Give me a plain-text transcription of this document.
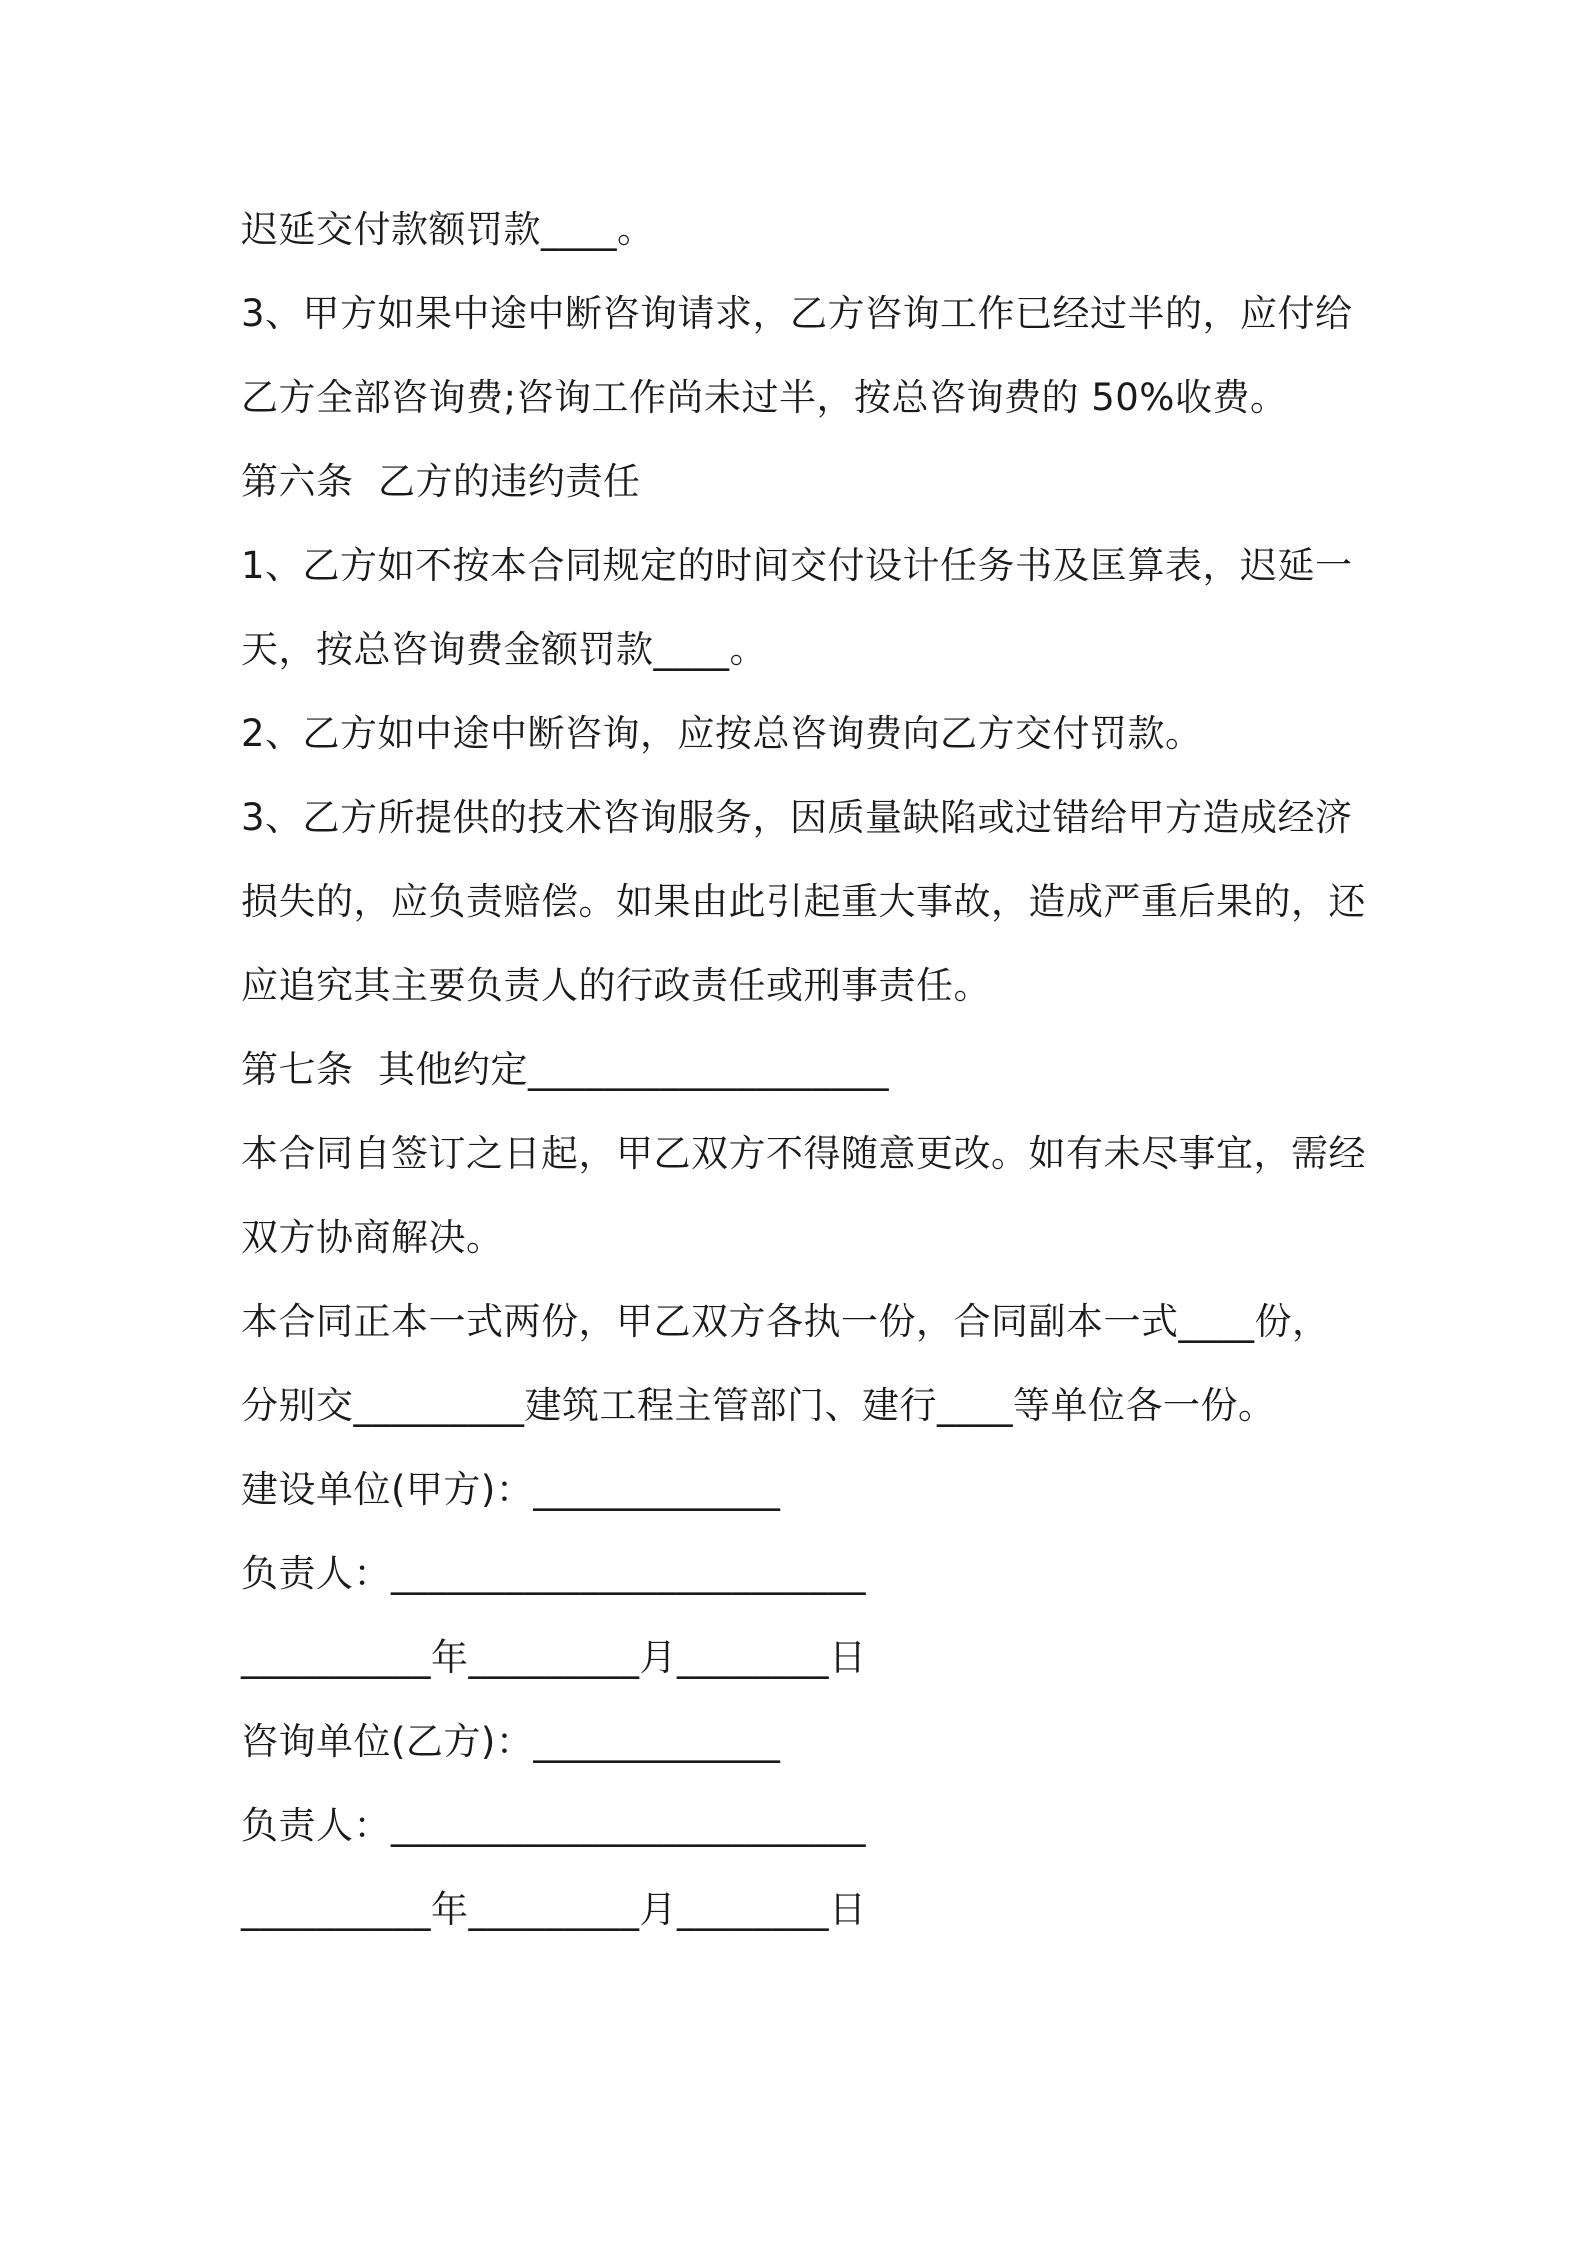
迟延交付款额罚款____。
3、甲方如果中途中断咨询请求，乙方咨询工作已经过半的，应付给
乙方全部咨询费;咨询工作尚未过半，按总咨询费的 50%收费。
第六条  乙方的违约责任
1、乙方如不按本合同规定的时间交付设计任务书及匡算表，迟延一
天，按总咨询费金额罚款____。
2、乙方如中途中断咨询，应按总咨询费向乙方交付罚款。
3、乙方所提供的技术咨询服务，因质量缺陷或过错给甲方造成经济
损失的，应负责赔偿。如果由此引起重大事故，造成严重后果的，还
应追究其主要负责人的行政责任或刑事责任。
第七条  其他约定___________________
本合同自签订之日起，甲乙双方不得随意更改。如有未尽事宜，需经
双方协商解决。
本合同正本一式两份，甲乙双方各执一份，合同副本一式____份，
分别交_________建筑工程主管部门、建行____等单位各一份。
建设单位(甲方)：_____________
负责人：_________________________
__________年_________月________日
咨询单位(乙方)：_____________
负责人：_________________________
__________年_________月________日
